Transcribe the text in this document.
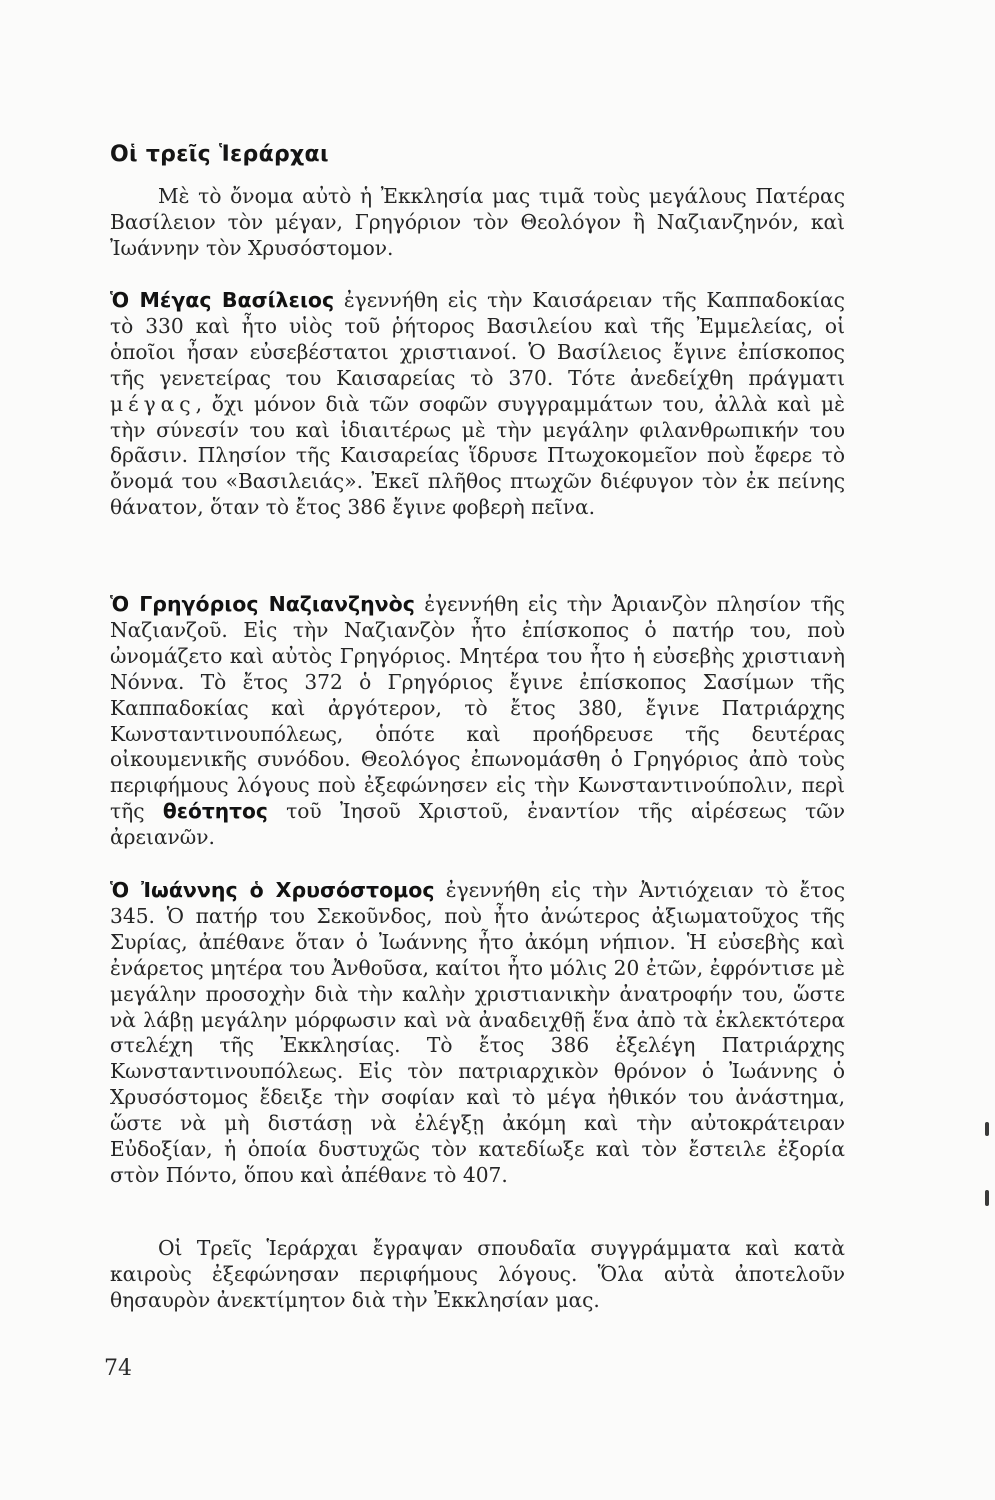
Οἱ τρεῖς Ἱεράρχαι

Μὲ τὸ ὄνομα αὐτὸ ἡ Ἐκκλησία μας τιμᾶ τοὺς μεγάλους Πατέρας Βασίλειον τὸν μέγαν, Γρηγόριον τὸν Θεολόγον ἢ Ναζιανζηνόν, καὶ Ἰωάννην τὸν Χρυσόστομον.

Ὁ Μέγας Βασίλειος ἐγεννήθη εἰς τὴν Καισάρειαν τῆς Καππαδοκίας τὸ 330 καὶ ἦτο υἱὸς τοῦ ῥήτορος Βασιλείου καὶ τῆς Ἐμμελείας, οἱ ὁποῖοι ἦσαν εὐσεβέστατοι χριστιανοί. Ὁ Βασίλειος ἔγινε ἐπίσκοπος τῆς γενετείρας του Καισαρείας τὸ 370. Τότε ἀνεδείχθη πράγματι μέγας, ὄχι μόνον διὰ τῶν σοφῶν συγγραμμάτων του, ἀλλὰ καὶ μὲ τὴν σύνεσίν του καὶ ἰδιαιτέρως μὲ τὴν μεγάλην φιλανθρωπικήν του δρᾶσιν. Πλησίον τῆς Καισαρείας ἵδρυσε Πτωχοκομεῖον ποὺ ἔφερε τὸ ὄνομά του «Βασιλειάς». Ἐκεῖ πλῆθος πτωχῶν διέφυγον τὸν ἐκ πείνης θάνατον, ὅταν τὸ ἔτος 386 ἔγινε φοβερὴ πεῖνα.

Ὁ Γρηγόριος Ναζιανζηνὸς ἐγεννήθη εἰς τὴν Ἀριανζὸν πλησίον τῆς Ναζιανζοῦ. Εἰς τὴν Ναζιανζὸν ἦτο ἐπίσκοπος ὁ πατήρ του, ποὺ ὠνομάζετο καὶ αὐτὸς Γρηγόριος. Μητέρα του ἦτο ἡ εὐσεβὴς χριστιανὴ Νόννα. Τὸ ἔτος 372 ὁ Γρηγόριος ἔγινε ἐπίσκοπος Σασίμων τῆς Καππαδοκίας καὶ ἀργότερον, τὸ ἔτος 380, ἔγινε Πατριάρχης Κωνσταντινουπόλεως, ὁπότε καὶ προήδρευσε τῆς δευτέρας οἰκουμενικῆς συνόδου. Θεολόγος ἐπωνομάσθη ὁ Γρηγόριος ἀπὸ τοὺς περιφήμους λόγους ποὺ ἐξεφώνησεν εἰς τὴν Κωνσταντινούπολιν, περὶ τῆς θεότητος τοῦ Ἰησοῦ Χριστοῦ, ἐναντίον τῆς αἱρέσεως τῶν ἀρειανῶν.

Ὁ Ἰωάννης ὁ Χρυσόστομος ἐγεννήθη εἰς τὴν Ἀντιόχειαν τὸ ἔτος 345. Ὁ πατήρ του Σεκοῦνδος, ποὺ ἦτο ἀνώτερος ἀξιωματοῦχος τῆς Συρίας, ἀπέθανε ὅταν ὁ Ἰωάννης ἦτο ἀκόμη νήπιον. Ἡ εὐσεβὴς καὶ ἐνάρετος μητέρα του Ἀνθοῦσα, καίτοι ἦτο μόλις 20 ἐτῶν, ἐφρόντισε μὲ μεγάλην προσοχὴν διὰ τὴν καλὴν χριστιανικὴν ἀνατροφήν του, ὥστε νὰ λάβῃ μεγάλην μόρφωσιν καὶ νὰ ἀναδειχθῇ ἕνα ἀπὸ τὰ ἐκλεκτότερα στελέχη τῆς Ἐκκλησίας. Τὸ ἔτος 386 ἐξελέγη Πατριάρχης Κωνσταντινουπόλεως. Εἰς τὸν πατριαρχικὸν θρόνον ὁ Ἰωάννης ὁ Χρυσόστομος ἔδειξε τὴν σοφίαν καὶ τὸ μέγα ἠθικόν του ἀνάστημα, ὥστε νὰ μὴ διστάσῃ νὰ ἐλέγξῃ ἀκόμη καὶ τὴν αὐτοκράτειραν Εὐδοξίαν, ἡ ὁποία δυστυχῶς τὸν κατεδίωξε καὶ τὸν ἔστειλε ἐξορία στὸν Πόντο, ὅπου καὶ ἀπέθανε τὸ 407.

Οἱ Τρεῖς Ἱεράρχαι ἔγραψαν σπουδαῖα συγγράμματα καὶ κατὰ καιροὺς ἐξεφώνησαν περιφήμους λόγους. Ὅλα αὐτὰ ἀποτελοῦν θησαυρὸν ἀνεκτίμητον διὰ τὴν Ἐκκλησίαν μας.

74
